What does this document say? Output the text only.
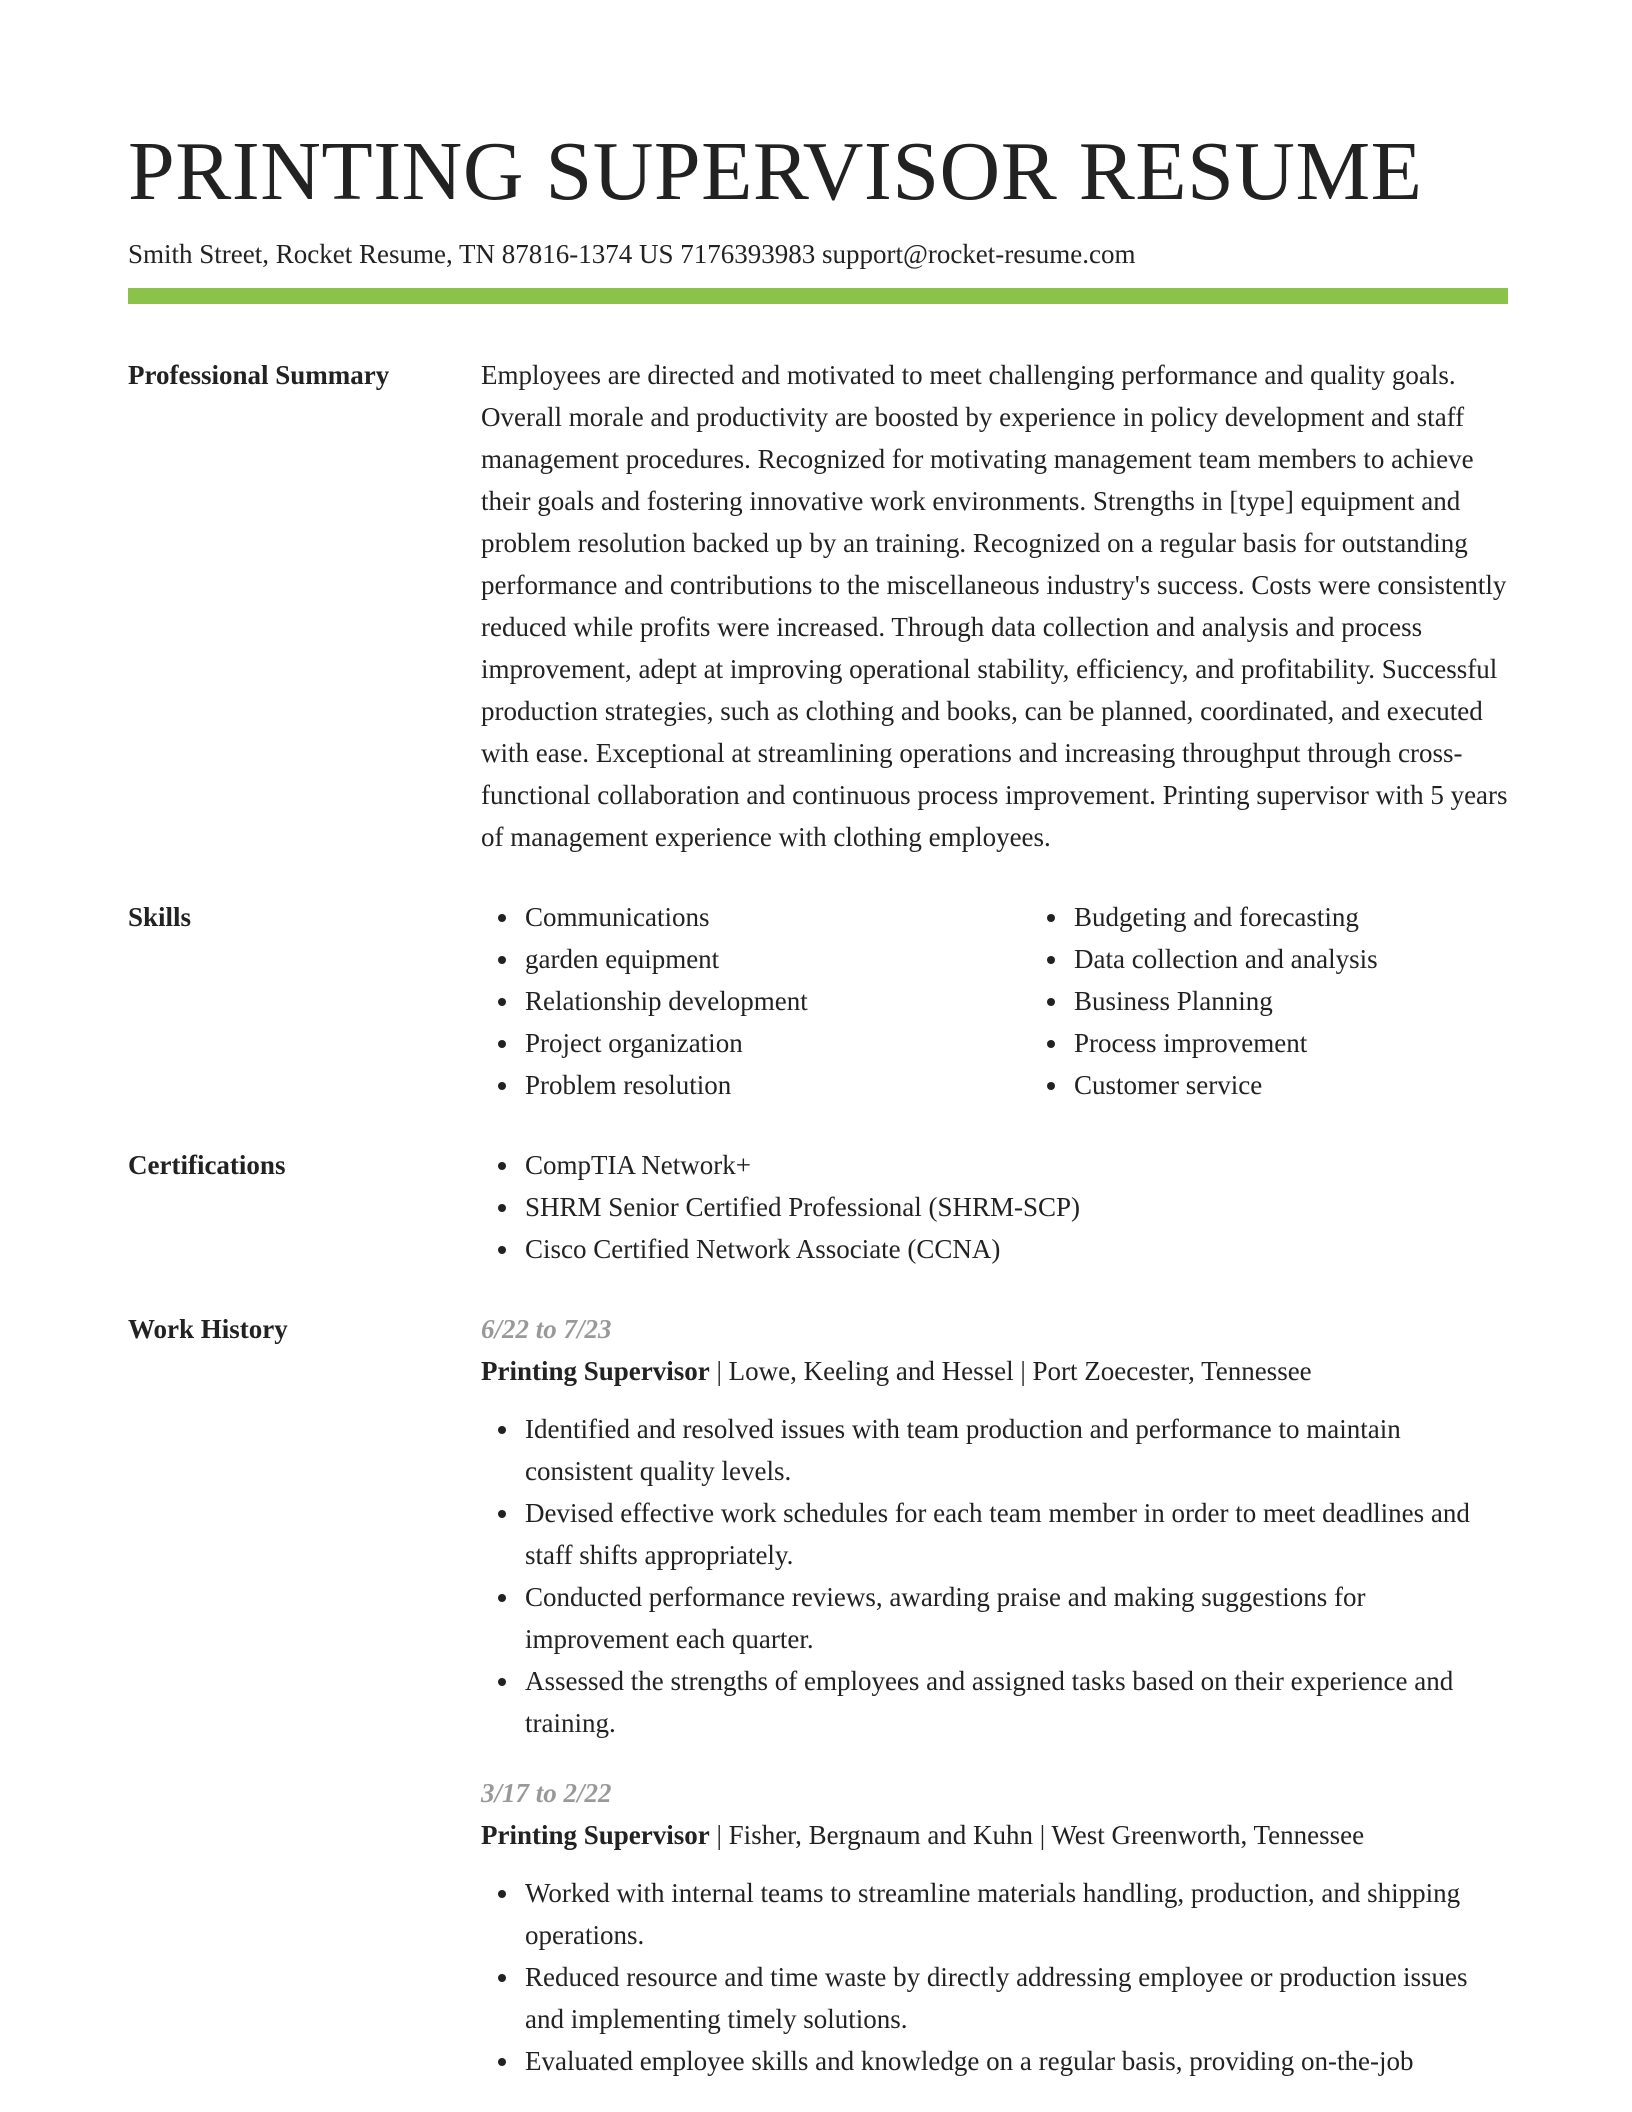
PRINTING SUPERVISOR RESUME
Smith Street, Rocket Resume, TN 87816-1374 US 7176393983 support@rocket-resume.com
Professional Summary	Employees are directed and motivated to meet challenging performance and quality goals. Overall morale and productivity are boosted by experience in policy development and staff management procedures. Recognized for motivating management team members to achieve their goals and fostering innovative work environments. Strengths in [type] equipment and problem resolution backed up by an training. Recognized on a regular basis for outstanding performance and contributions to the miscellaneous industry's success. Costs were consistently reduced while profits were increased. Through data collection and analysis and process improvement, adept at improving operational stability, efficiency, and profitability. Successful production strategies, such as clothing and books, can be planned, coordinated, and executed with ease. Exceptional at streamlining operations and increasing throughput through cross-functional collaboration and continuous process improvement. Printing supervisor with 5 years of management experience with clothing employees.

Skills	Communications
garden equipment
Relationship development
Project organization
Problem resolution
Budgeting and forecasting
Data collection and analysis
Business Planning
Process improvement
Customer service
Certifications	CompTIA Network+
SHRM Senior Certified Professional (SHRM-SCP)
Cisco Certified Network Associate (CCNA)
Work History	6/22 to 7/23
Printing Supervisor | Lowe, Keeling and Hessel | Port Zoecester, Tennessee
Identified and resolved issues with team production and performance to maintain consistent quality levels.
Devised effective work schedules for each team member in order to meet deadlines and staff shifts appropriately.
Conducted performance reviews, awarding praise and making suggestions for improvement each quarter.
Assessed the strengths of employees and assigned tasks based on their experience and training.
3/17 to 2/22
Printing Supervisor | Fisher, Bergnaum and Kuhn | West Greenworth, Tennessee
Worked with internal teams to streamline materials handling, production, and shipping operations.
Reduced resource and time waste by directly addressing employee or production issues and implementing timely solutions.
Evaluated employee skills and knowledge on a regular basis, providing on-the-job
